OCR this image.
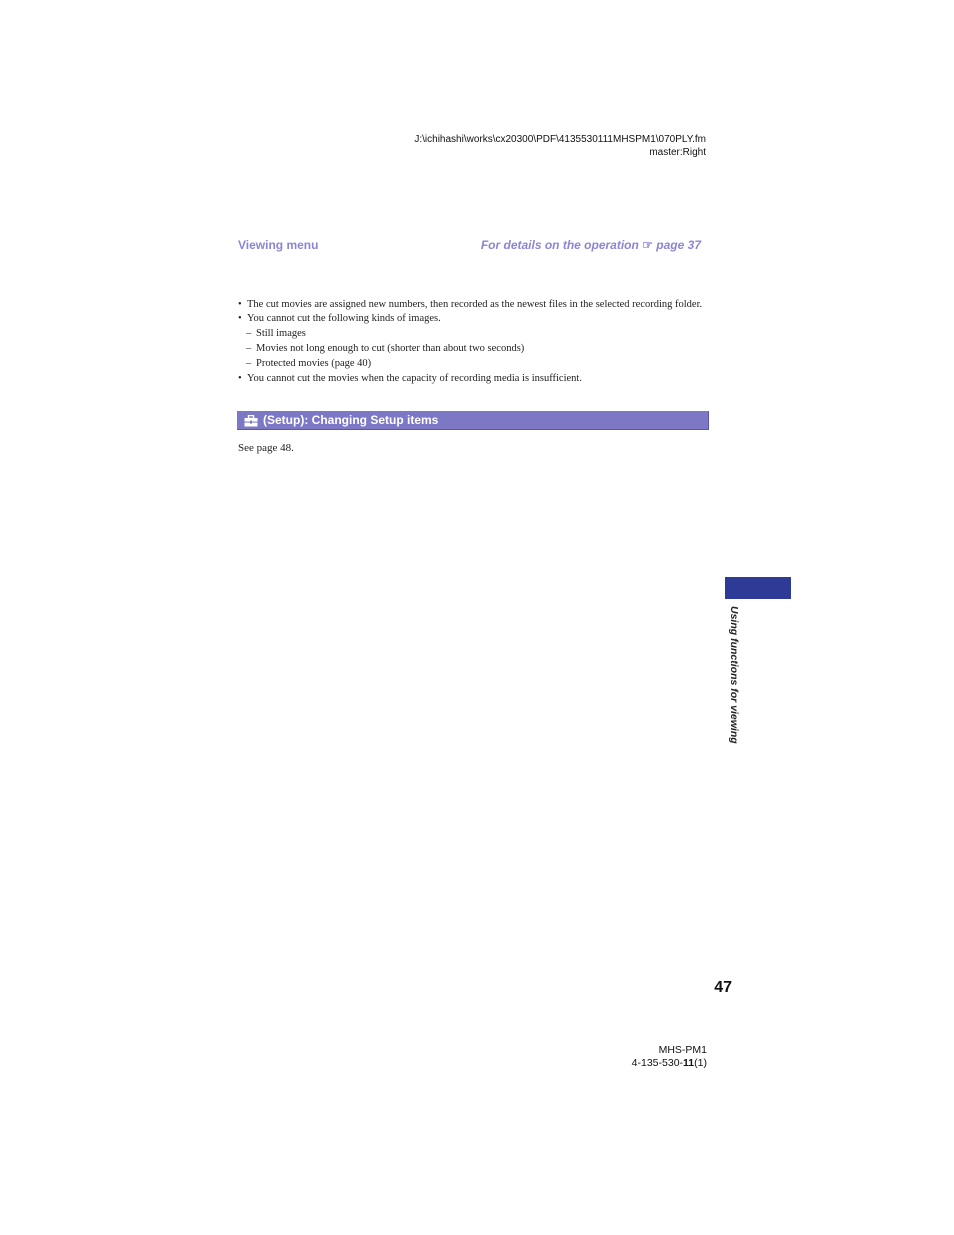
J:\ichihashi\works\cx20300\PDF\4135530111MHSPM1\070PLY.fm
master:Right
Viewing menu	For details on the operation ☞ page 37
• The cut movies are assigned new numbers, then recorded as the newest files in the selected recording folder.
• You cannot cut the following kinds of images.
– Still images
– Movies not long enough to cut (shorter than about two seconds)
– Protected movies (page 40)
• You cannot cut the movies when the capacity of recording media is insufficient.
(Setup): Changing Setup items
See page 48.
Using functions for viewing
47
MHS-PM1
4-135-530-11(1)
